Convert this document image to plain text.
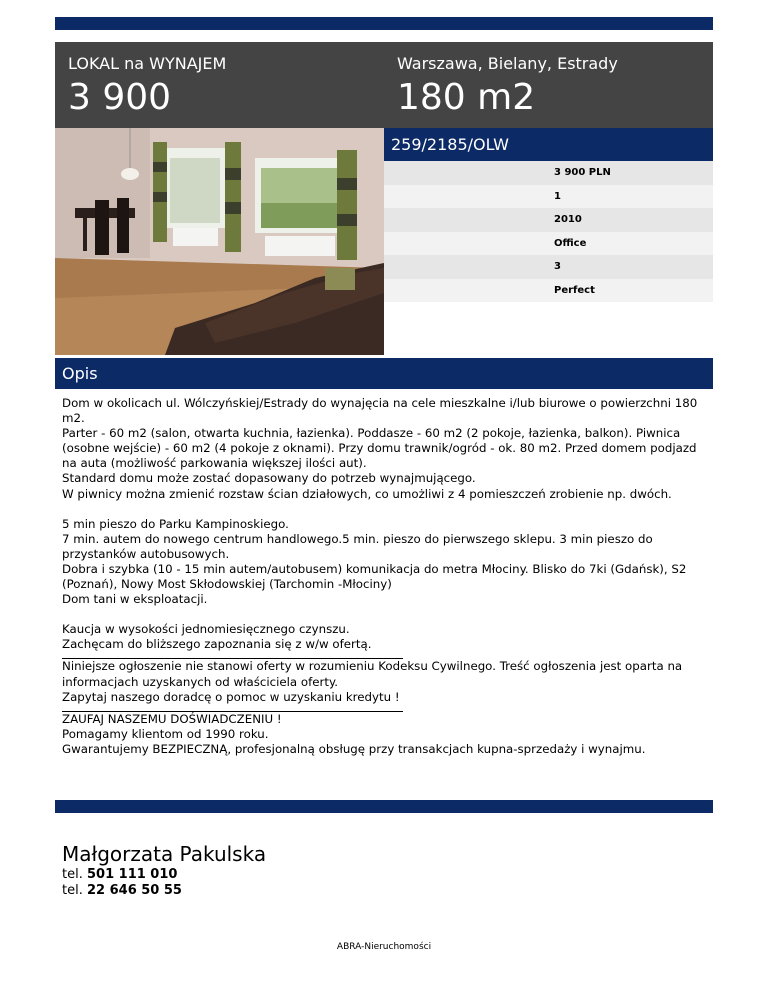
LOKAL na WYNAJEM
3 900
Warszawa, Bielany, Estrady
180 m2
259/2185/OLW
3 900 PLN
1
2010
Office
3
Perfect
Opis

Dom w okolicach ul. Wólczyńskiej/Estrady do wynajęcia na cele mieszkalne i/lub biurowe o powierzchni 180 m2.
Parter - 60 m2 (salon, otwarta kuchnia, łazienka). Poddasze - 60 m2 (2 pokoje, łazienka, balkon). Piwnica (osobne wejście) - 60 m2 (4 pokoje z oknami). Przy domu trawnik/ogród - ok. 80 m2. Przed domem podjazd na auta (możliwość parkowania większej ilości aut).
Standard domu może zostać dopasowany do potrzeb wynajmującego.
W piwnicy można zmienić rozstaw ścian działowych, co umożliwi z 4 pomieszczeń zrobienie np. dwóch.

5 min pieszo do Parku Kampinoskiego.
7 min. autem do nowego centrum handlowego.5 min. pieszo do pierwszego sklepu. 3 min pieszo do przystanków autobusowych.
Dobra i szybka (10 - 15 min autem/autobusem) komunikacja do metra Młociny. Blisko do 7ki (Gdańsk), S2 (Poznań), Nowy Most Skłodowskiej (Tarchomin -Młociny)
Dom tani w eksploatacji.

Kaucja w wysokości jednomiesięcznego czynszu.
Zachęcam do bliższego zapoznania się z w/w ofertą.

Niniejsze ogłoszenie nie stanowi oferty w rozumieniu Kodeksu Cywilnego. Treść ogłoszenia jest oparta na informacjach uzyskanych od właściciela oferty.
Zapytaj naszego doradcę o pomoc w uzyskaniu kredytu !

ZAUFAJ NASZEMU DOŚWIADCZENIU !
Pomagamy klientom od 1990 roku.
Gwarantujemy BEZPIECZNĄ, profesjonalną obsługę przy transakcjach kupna-sprzedaży i wynajmu.

Małgorzata Pakulska
tel. 501 111 010
tel. 22 646 50 55
ABRA-Nieruchomości
